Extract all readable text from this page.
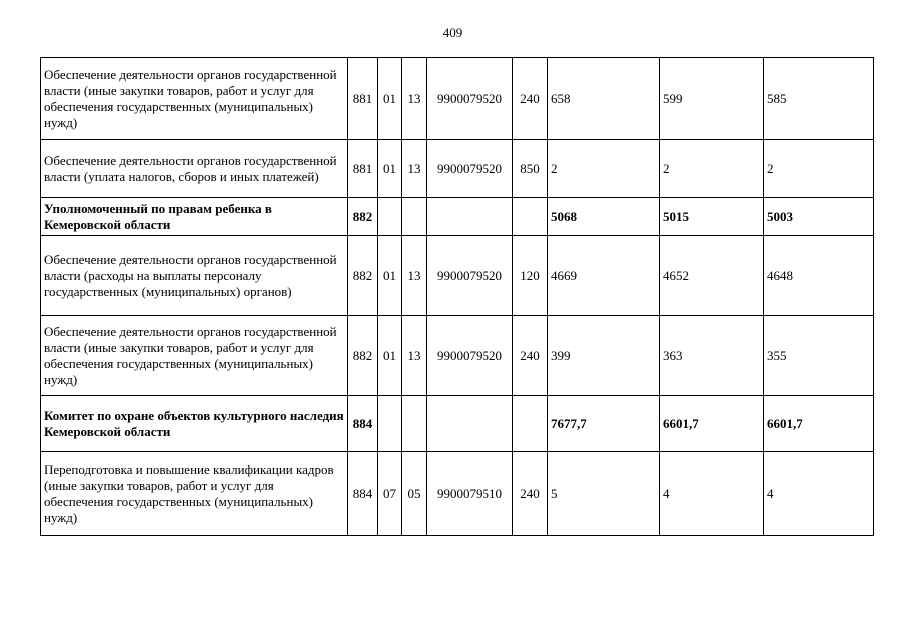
409
Обеспечение деятельности органов государственной власти (иные закупки товаров, работ и услуг для обеспечения государственных (муниципальных) нужд)	881	01	13	9900079520	240	658	599	585
Обеспечение деятельности органов государственной власти (уплата налогов, сборов и иных платежей)	881	01	13	9900079520	850	2	2	2
Уполномоченный по правам ребенка в Кемеровской области	882					5068	5015	5003
Обеспечение деятельности органов государственной власти (расходы на выплаты персоналу государственных (муниципальных) органов)	882	01	13	9900079520	120	4669	4652	4648
Обеспечение деятельности органов государственной власти (иные закупки товаров, работ и услуг для обеспечения государственных (муниципальных) нужд)	882	01	13	9900079520	240	399	363	355
Комитет по охране объектов культурного наследия Кемеровской области	884					7677,7	6601,7	6601,7
Переподготовка и повышение квалификации кадров (иные закупки товаров, работ и услуг для обеспечения государственных (муниципальных) нужд)	884	07	05	9900079510	240	5	4	4
